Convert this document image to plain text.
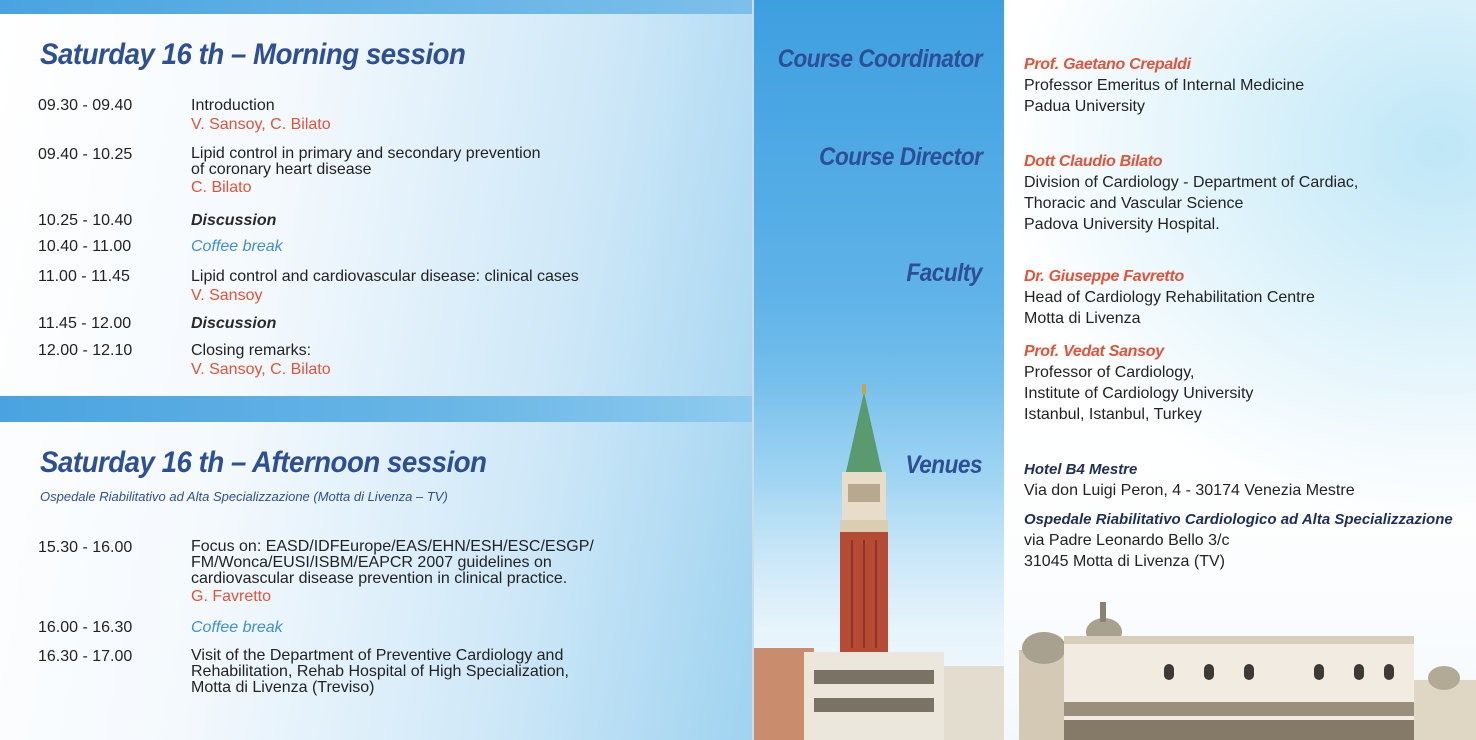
Saturday 16 th – Morning session
09.30 - 09.40	Introduction
V. Sansoy, C. Bilato
09.40 - 10.25	Lipid control in primary and secondary prevention
of coronary heart disease
C. Bilato
10.25 - 10.40	Discussion
10.40 - 11.00	Coffee break
11.00 - 11.45	Lipid control and cardiovascular disease: clinical cases
V. Sansoy
11.45 - 12.00	Discussion
12.00 - 12.10	Closing remarks:
V. Sansoy, C. Bilato
Saturday 16 th – Afternoon session
Ospedale Riabilitativo ad Alta Specializzazione (Motta di Livenza – TV)
15.30 - 16.00	Focus on: EASD/IDFEurope/EAS/EHN/ESH/ESC/ESGP/
FM/Wonca/EUSI/ISBM/EAPCR 2007 guidelines on
cardiovascular disease prevention in clinical practice.
G. Favretto
16.00 - 16.30	Coffee break
16.30 - 17.00	Visit of the Department of Preventive Cardiology and
Rehabilitation, Rehab Hospital of High Specialization,
Motta di Livenza (Treviso)
Course Coordinator
Course Director
Faculty
Venues
Prof. Gaetano Crepaldi
Professor Emeritus of Internal Medicine
Padua University
Dott Claudio Bilato
Division of Cardiology - Department of Cardiac,
Thoracic and Vascular Science
Padova University Hospital.
Dr. Giuseppe Favretto
Head of Cardiology Rehabilitation Centre
Motta di Livenza
Prof. Vedat Sansoy
Professor of Cardiology,
Institute of Cardiology University
Istanbul, Istanbul, Turkey
Hotel B4 Mestre
Via don Luigi Peron, 4 - 30174 Venezia Mestre
Ospedale Riabilitativo Cardiologico ad Alta Specializzazione
via Padre Leonardo Bello 3/c
31045 Motta di Livenza (TV)
